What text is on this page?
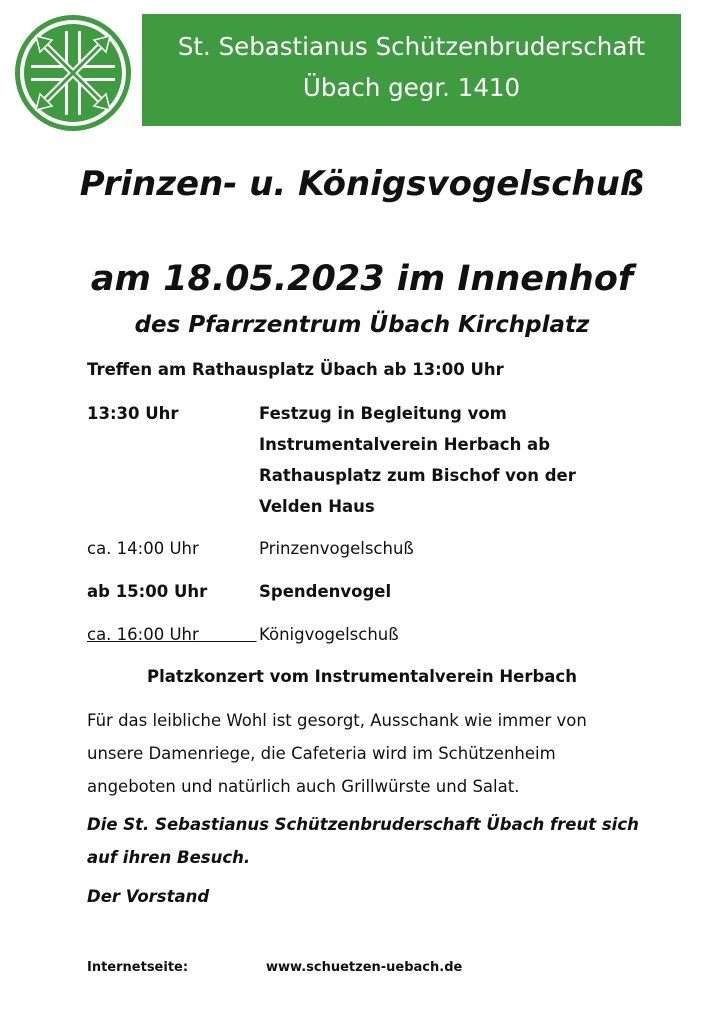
St. Sebastianus Schützenbruderschaft
Übach gegr. 1410
Prinzen- u. Königsvogelschuß
am 18.05.2023 im Innenhof
des Pfarrzentrum Übach Kirchplatz
Treffen am Rathausplatz Übach ab 13:00 Uhr
13:30 Uhr	Festzug in Begleitung vom
Instrumentalverein Herbach ab
Rathausplatz zum Bischof von der
Velden Haus
ca. 14:00 Uhr	Prinzenvogelschuß
ab 15:00 Uhr	Spendenvogel
ca. 16:00 Uhr	Königvogelschuß
Platzkonzert vom Instrumentalverein Herbach
Für das leibliche Wohl ist gesorgt, Ausschank wie immer von
unsere Damenriege, die Cafeteria wird im Schützenheim
angeboten und natürlich auch Grillwürste und Salat.
Die St. Sebastianus Schützenbruderschaft Übach freut sich
auf ihren Besuch.
Der Vorstand
Internetseite:	www.schuetzen-uebach.de
